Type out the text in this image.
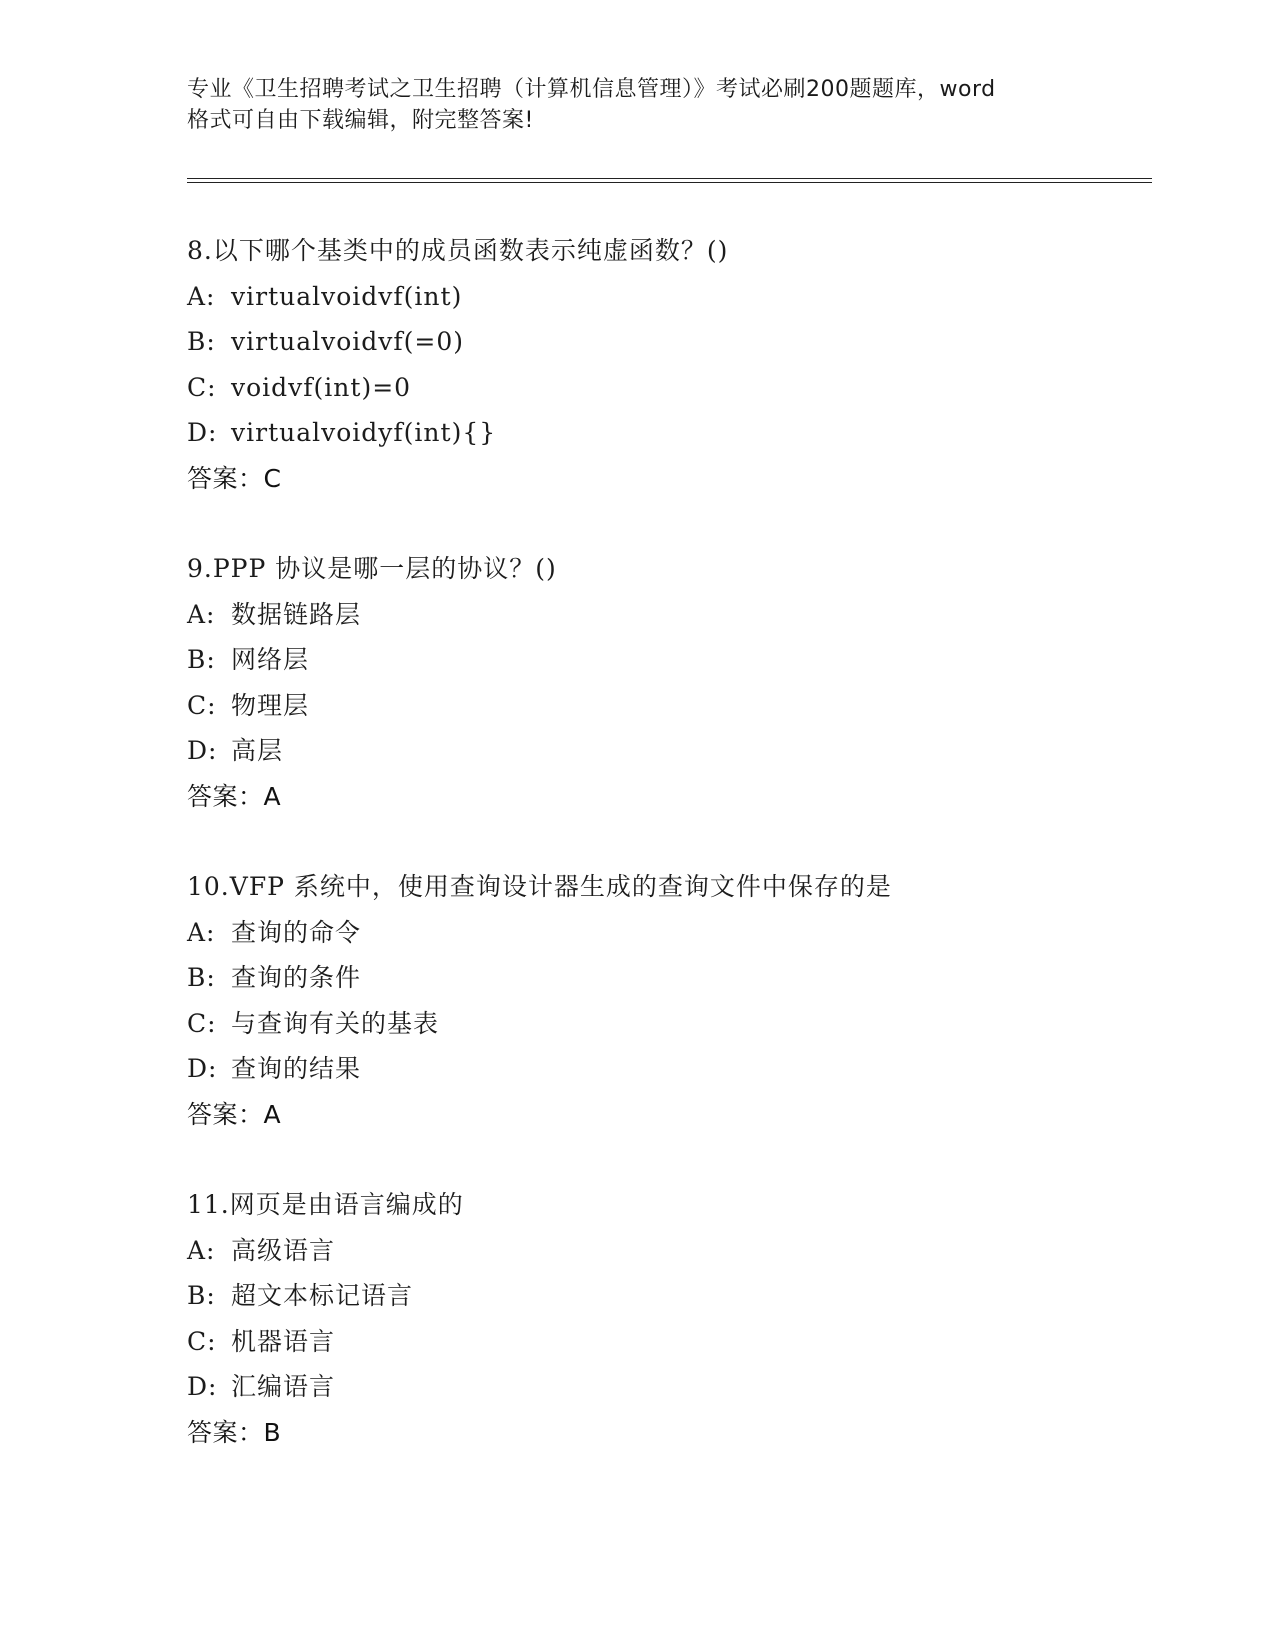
专业《卫生招聘考试之卫生招聘（计算机信息管理）》考试必刷200题题库，word
格式可自由下载编辑，附完整答案!
8.以下哪个基类中的成员函数表示纯虚函数？()
A: virtualvoidvf(int)
B: virtualvoidvf(=0)
C: voidvf(int)=0
D: virtualvoidyf(int){}
答案：C
9.PPP 协议是哪一层的协议？()
A: 数据链路层
B: 网络层
C: 物理层
D: 高层
答案：A
10.VFP 系统中，使用查询设计器生成的查询文件中保存的是
A: 查询的命令
B: 查询的条件
C: 与查询有关的基表
D: 查询的结果
答案：A
11.网页是由语言编成的
A: 高级语言
B: 超文本标记语言
C: 机器语言
D: 汇编语言
答案：B
